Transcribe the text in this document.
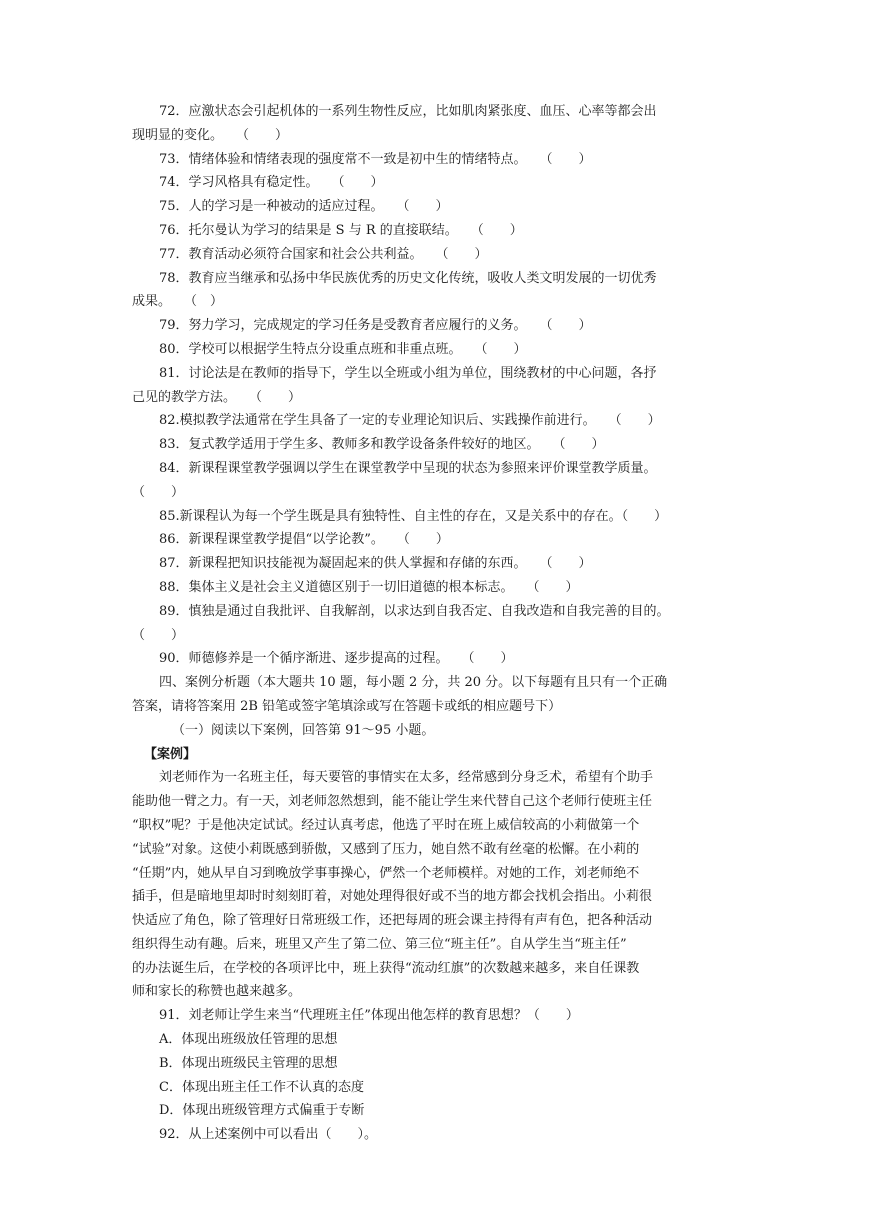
72．应激状态会引起机体的一系列生物性反应，比如肌肉紧张度、血压、心率等都会出
现明显的变化。　　（　　）
73．情绪体验和情绪表现的强度常不一致是初中生的情绪特点。　　（　　）
74．学习风格具有稳定性。　　（　　）
75．人的学习是一种被动的适应过程。　　（　　）
76．托尔曼认为学习的结果是 S 与 R 的直接联结。　　（　　）
77．教育活动必须符合国家和社会公共利益。　　（　　）
78．教育应当继承和弘扬中华民族优秀的历史文化传统，吸收人类文明发展的一切优秀
成果。　　（　）
79．努力学习，完成规定的学习任务是受教育者应履行的义务。　　（　　）
80．学校可以根据学生特点分设重点班和非重点班。　　（　　）
81．讨论法是在教师的指导下，学生以全班或小组为单位，围绕教材的中心问题，各抒
己见的教学方法。　　（　　）
82.模拟教学法通常在学生具备了一定的专业理论知识后、实践操作前进行。　　（　　）
83．复式教学适用于学生多、教师多和教学设备条件较好的地区。　　（　　）
84．新课程课堂教学强调以学生在课堂教学中呈现的状态为参照来评价课堂教学质量。
（　　）
85.新课程认为每一个学生既是具有独特性、自主性的存在，又是关系中的存在。（　　）
86．新课程课堂教学提倡“以学论教”。　　（　　）
87．新课程把知识技能视为凝固起来的供人掌握和存储的东西。　　（　　）
88．集体主义是社会主义道德区别于一切旧道德的根本标志。　　（　　）
89．慎独是通过自我批评、自我解剖，以求达到自我否定、自我改造和自我完善的目的。
（　　）
90．师德修养是一个循序渐进、逐步提高的过程。　　（　　）
四、案例分析题（本大题共 10 题，每小题 2 分，共 20 分。以下每题有且只有一个正确
答案，请将答案用 2B 铅笔或签字笔填涂或写在答题卡或纸的相应题号下）
（一）阅读以下案例，回答第 91～95 小题。
【案例】
刘老师作为一名班主任，每天要管的事情实在太多，经常感到分身乏术，希望有个助手
能助他一臂之力。有一天，刘老师忽然想到，能不能让学生来代替自己这个老师行使班主任
“职权”呢？于是他决定试试。经过认真考虑，他选了平时在班上威信较高的小莉做第一个
“试验”对象。这使小莉既感到骄傲，又感到了压力，她自然不敢有丝毫的松懈。在小莉的
“任期”内，她从早自习到晚放学事事操心，俨然一个老师模样。对她的工作，刘老师绝不
插手，但是暗地里却时时刻刻盯着，对她处理得很好或不当的地方都会找机会指出。小莉很
快适应了角色，除了管理好日常班级工作，还把每周的班会课主持得有声有色，把各种活动
组织得生动有趣。后来，班里又产生了第二位、第三位“班主任”。自从学生当“班主任”
的办法诞生后，在学校的各项评比中，班上获得“流动红旗”的次数越来越多，来自任课教
师和家长的称赞也越来越多。
91．刘老师让学生来当“代理班主任”体现出他怎样的教育思想？（　　）
A．体现出班级放任管理的思想
B．体现出班级民主管理的思想
C．体现出班主任工作不认真的态度
D．体现出班级管理方式偏重于专断
92．从上述案例中可以看出（　　）。
